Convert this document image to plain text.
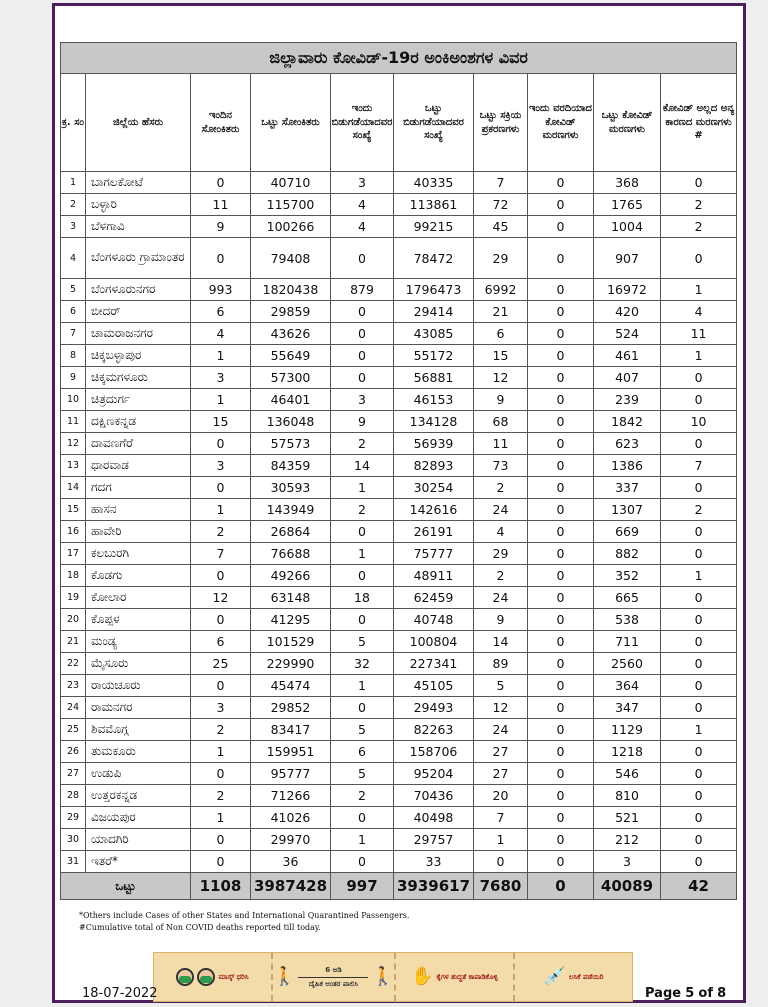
ಜಿಲ್ಲಾವಾರು ಕೋವಿಡ್-19ರ ಅಂಕಿಅಂಶಗಳ ವಿವರ									
ಕ್ರ. ಸಂ	ಜಿಲ್ಲೆಯ ಹೆಸರು	ಇಂದಿನ ಸೋಂಕಿತರು	ಒಟ್ಟು ಸೋಂಕಿತರು	ಇಂದು ಬಿಡುಗಡೆಯಾದವರ ಸಂಖ್ಯೆ	ಒಟ್ಟು ಬಿಡುಗಡೆಯಾದವರ ಸಂಖ್ಯೆ	ಒಟ್ಟು ಸಕ್ರಿಯ ಪ್ರಕರಣಗಳು	ಇಂದು ವರದಿಯಾದ ಕೋವಿಡ್ ಮರಣಗಳು	ಒಟ್ಟು ಕೋವಿಡ್ ಮರಣಗಳು	ಕೋವಿಡ್ ಅಲ್ಲದ ಅನ್ಯ ಕಾರಣದ ಮರಣಗಳು #
1	ಬಾಗಲಕೋಟೆ	0	40710	3	40335	7	0	368	0
2	ಬಳ್ಳಾರಿ	11	115700	4	113861	72	0	1765	2
3	ಬೆಳಗಾವಿ	9	100266	4	99215	45	0	1004	2
4	ಬೆಂಗಳೂರು ಗ್ರಾಮಾಂತರ	0	79408	0	78472	29	0	907	0
5	ಬೆಂಗಳೂರುನಗರ	993	1820438	879	1796473	6992	0	16972	1
6	ಬೀದರ್	6	29859	0	29414	21	0	420	4
7	ಚಾಮರಾಜನಗರ	4	43626	0	43085	6	0	524	11
8	ಚಿಕ್ಕಬಳ್ಳಾಪುರ	1	55649	0	55172	15	0	461	1
9	ಚಿಕ್ಕಮಗಳೂರು	3	57300	0	56881	12	0	407	0
10	ಚಿತ್ರದುರ್ಗ	1	46401	3	46153	9	0	239	0
11	ದಕ್ಷಿಣಕನ್ನಡ	15	136048	9	134128	68	0	1842	10
12	ದಾವಣಗೆರೆ	0	57573	2	56939	11	0	623	0
13	ಧಾರವಾಡ	3	84359	14	82893	73	0	1386	7
14	ಗದಗ	0	30593	1	30254	2	0	337	0
15	ಹಾಸನ	1	143949	2	142616	24	0	1307	2
16	ಹಾವೇರಿ	2	26864	0	26191	4	0	669	0
17	ಕಲಬುರಗಿ	7	76688	1	75777	29	0	882	0
18	ಕೊಡಗು	0	49266	0	48911	2	0	352	1
19	ಕೋಲಾರ	12	63148	18	62459	24	0	665	0
20	ಕೊಪ್ಪಳ	0	41295	0	40748	9	0	538	0
21	ಮಂಡ್ಯ	6	101529	5	100804	14	0	711	0
22	ಮೈಸೂರು	25	229990	32	227341	89	0	2560	0
23	ರಾಯಚೂರು	0	45474	1	45105	5	0	364	0
24	ರಾಮನಗರ	3	29852	0	29493	12	0	347	0
25	ಶಿವಮೊಗ್ಗ	2	83417	5	82263	24	0	1129	1
26	ತುಮಕೂರು	1	159951	6	158706	27	0	1218	0
27	ಉಡುಪಿ	0	95777	5	95204	27	0	546	0
28	ಉತ್ತರಕನ್ನಡ	2	71266	2	70436	20	0	810	0
29	ವಿಜಯಪುರ	1	41026	0	40498	7	0	521	0
30	ಯಾದಗಿರಿ	0	29970	1	29757	1	0	212	0
31	ಇತರೆ*	0	36	0	33	0	0	3	0
ಒಟ್ಟು		1108	3987428	997	3939617	7680	0	40089	42
*Others include Cases of other States and International Quarantined Passengers.
#Cumulative total of Non COVID deaths reported till today.
ಮಾಸ್ಕ್ ಧರಿಸಿ 🚶	6 ಅಡಿ
ದೈಹಿಕ ಅಂತರ ಪಾಲಿಸಿ 🚶 ✋ ಕೈಗಳ ಶುದ್ಧತೆ ಕಾಪಾಡಿಕೊಳ್ಳಿ	💉 ಲಸಿಕೆ ಪಡೆಯಿರಿ
18-07-2022	Page 5 of 8
